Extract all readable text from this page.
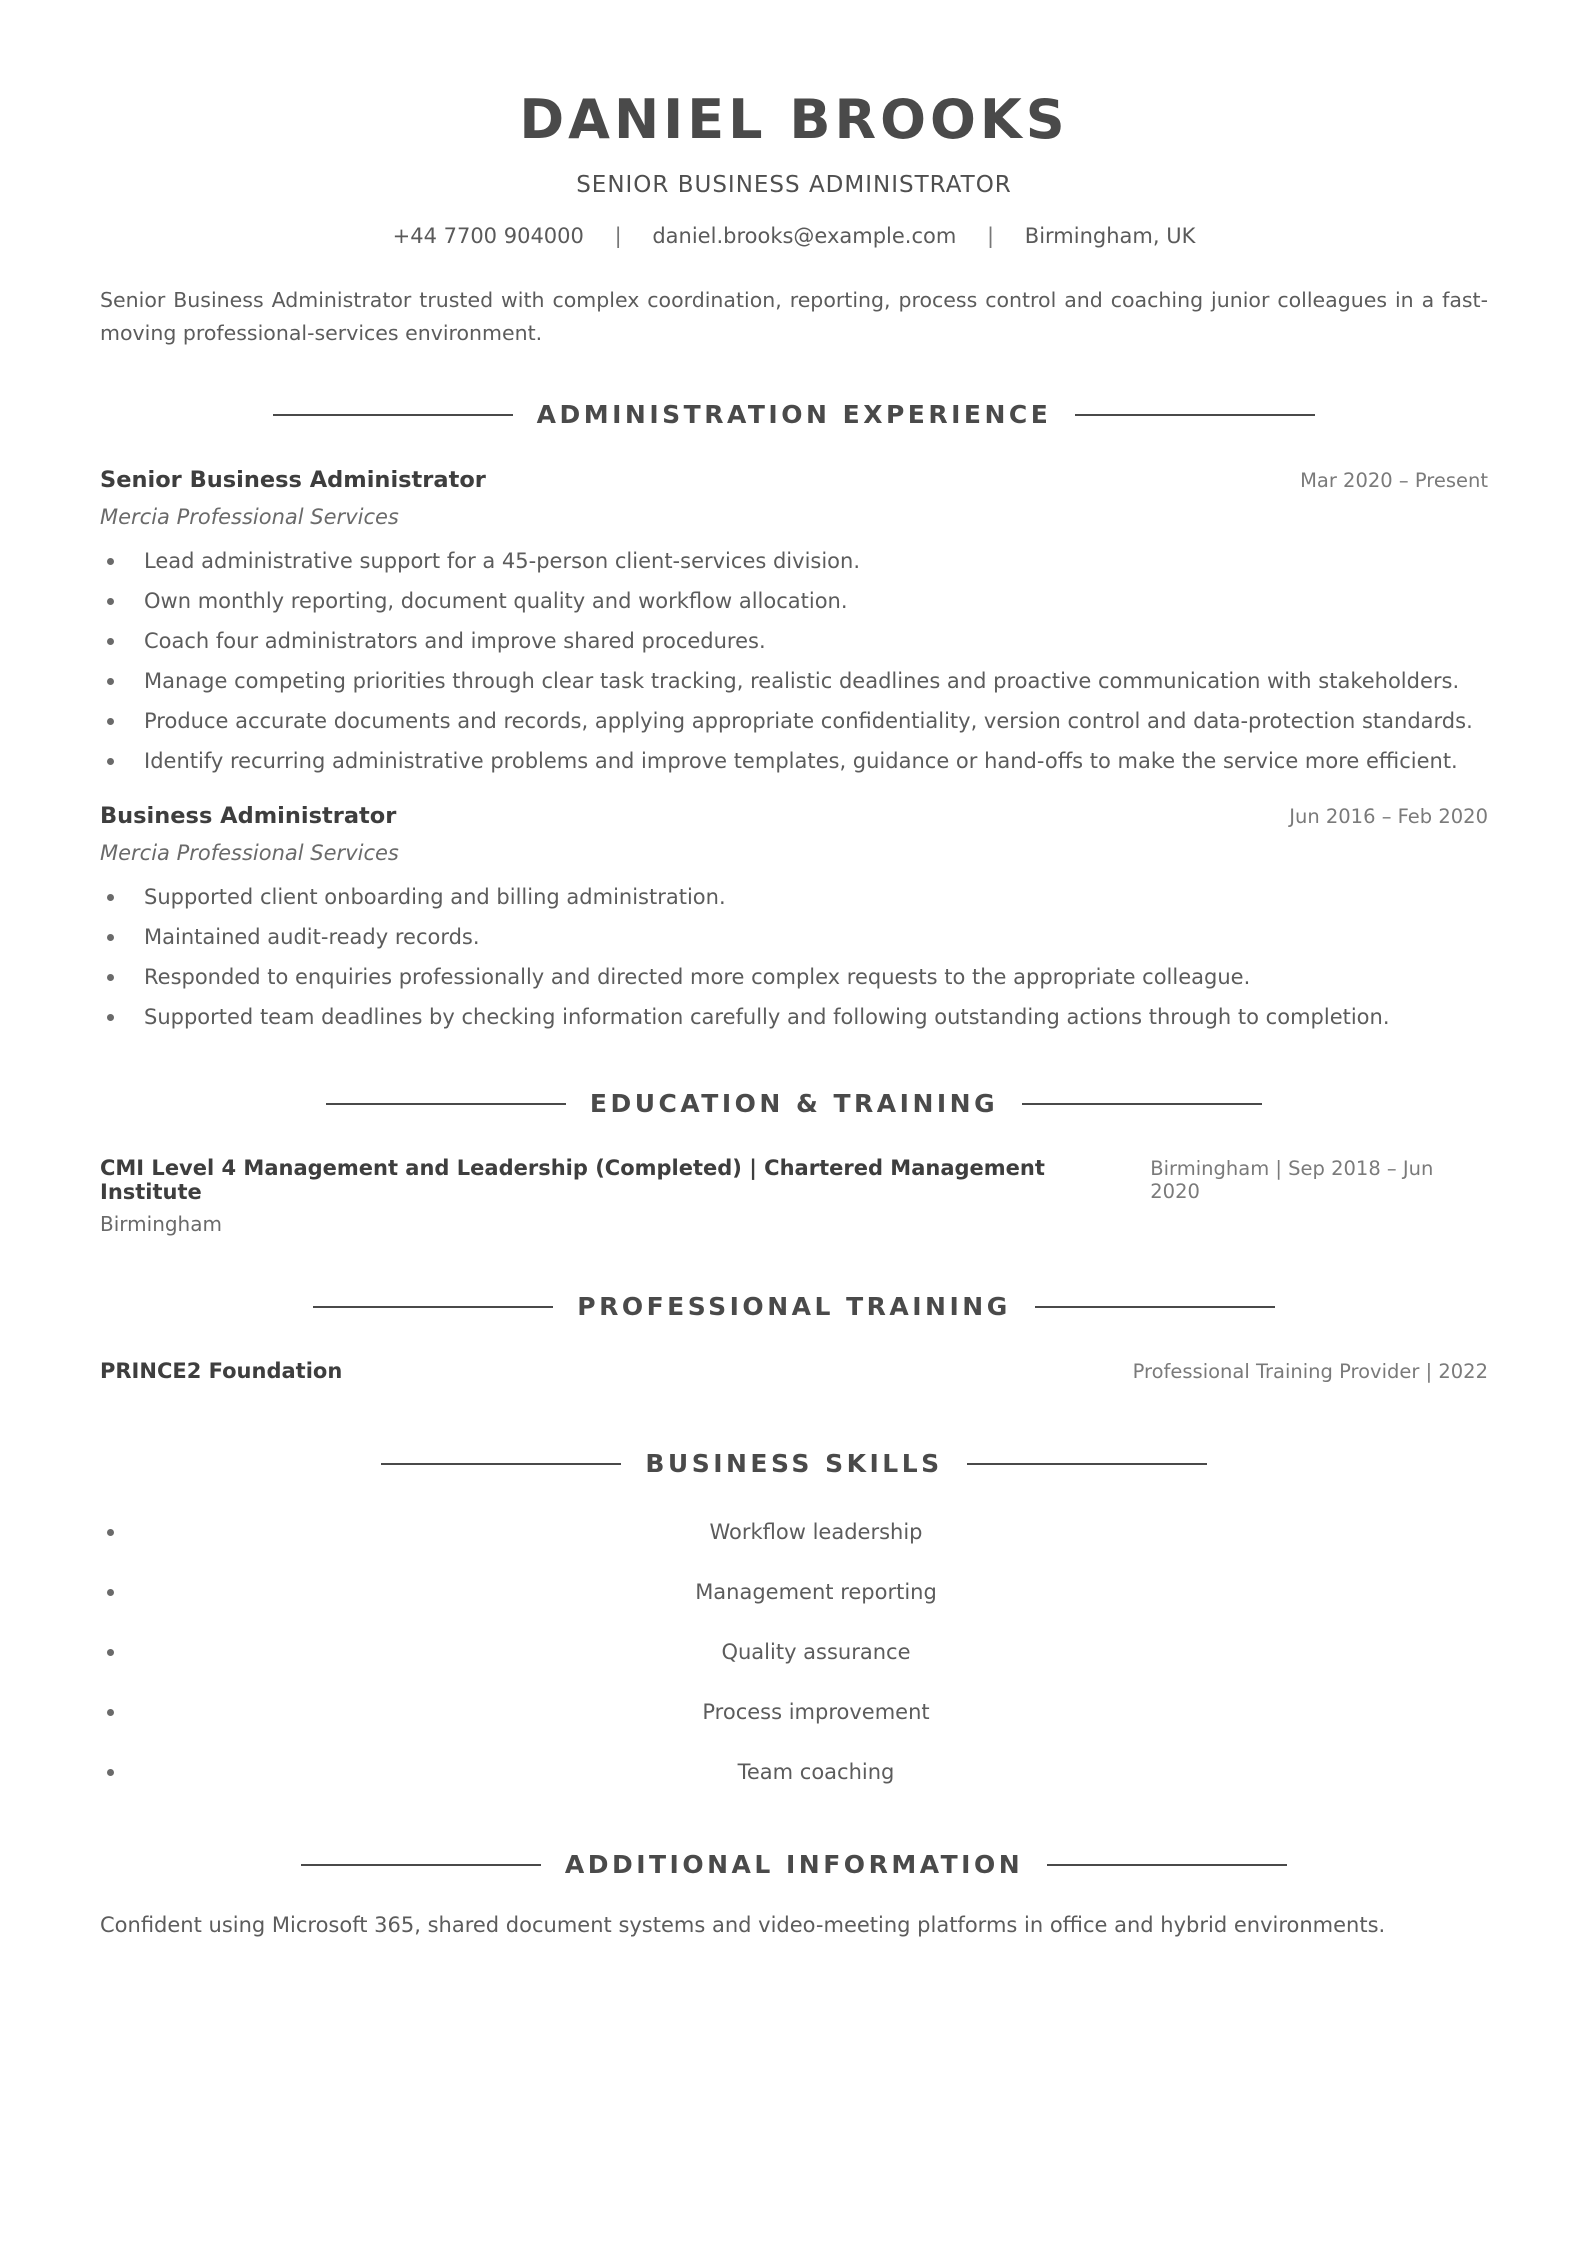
DANIEL BROOKS
SENIOR BUSINESS ADMINISTRATOR
+44 7700 904000 | daniel.brooks@example.com | Birmingham, UK

Senior Business Administrator trusted with complex coordination, reporting, process control and coaching junior colleagues in a fast-moving professional-services environment.

ADMINISTRATION EXPERIENCE
Senior Business Administrator	Mar 2020 – Present
Mercia Professional Services
Lead administrative support for a 45-person client-services division.
Own monthly reporting, document quality and workflow allocation.
Coach four administrators and improve shared procedures.
Manage competing priorities through clear task tracking, realistic deadlines and proactive communication with stakeholders.
Produce accurate documents and records, applying appropriate confidentiality, version control and data-protection standards.
Identify recurring administrative problems and improve templates, guidance or hand-offs to make the service more efficient.
Business Administrator	Jun 2016 – Feb 2020
Mercia Professional Services
Supported client onboarding and billing administration.
Maintained audit-ready records.
Responded to enquiries professionally and directed more complex requests to the appropriate colleague.
Supported team deadlines by checking information carefully and following outstanding actions through to completion.
EDUCATION & TRAINING
CMI Level 4 Management and Leadership (Completed) | Chartered Management Institute
Birmingham | Sep 2018 – Jun 2020
Birmingham
PROFESSIONAL TRAINING
PRINCE2 Foundation	Professional Training Provider | 2022
BUSINESS SKILLS
Workflow leadership
Management reporting
Quality assurance
Process improvement
Team coaching
ADDITIONAL INFORMATION
Confident using Microsoft 365, shared document systems and video-meeting platforms in office and hybrid environments.
